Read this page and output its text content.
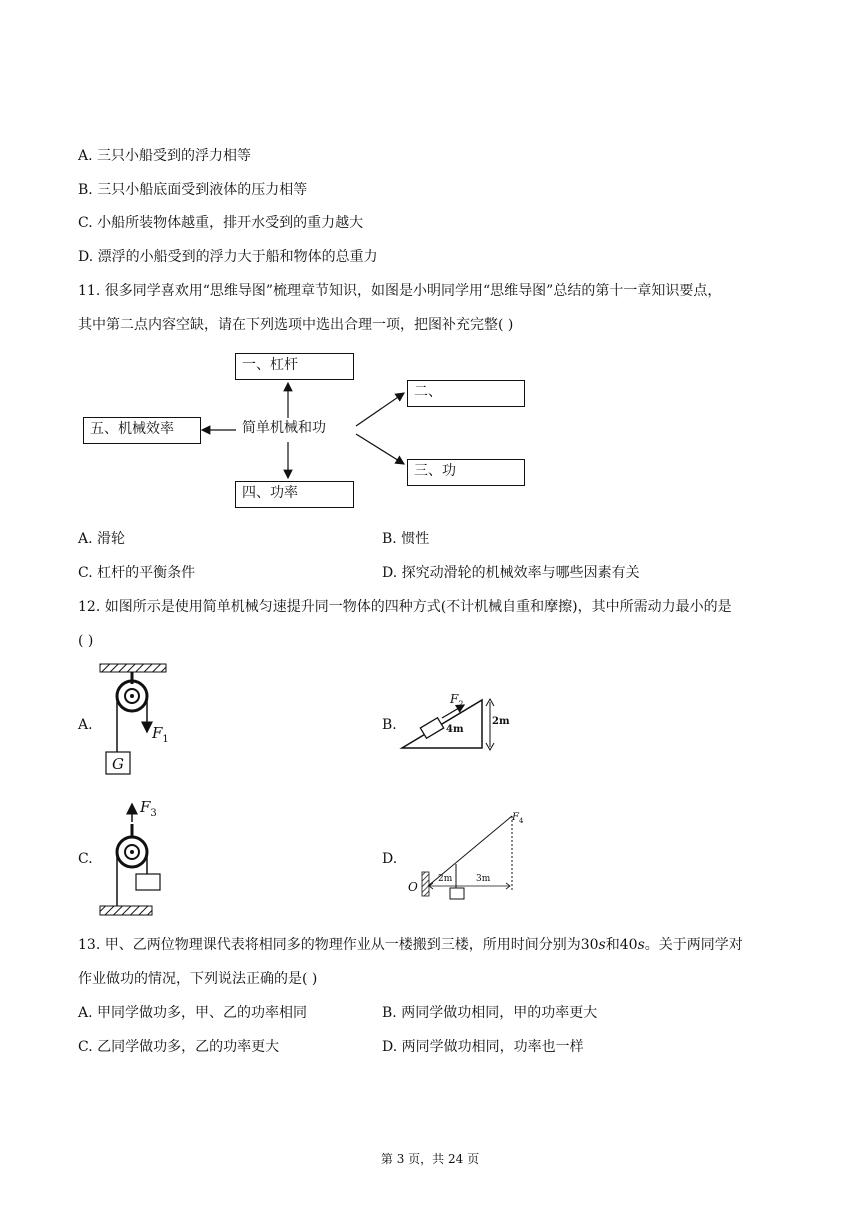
A. 三只小船受到的浮力相等
B. 三只小船底面受到液体的压力相等
C. 小船所装物体越重，排开水受到的重力越大
D. 漂浮的小船受到的浮力大于船和物体的总重力
11. 很多同学喜欢用“思维导图”梳理章节知识，如图是小明同学用“思维导图”总结的第十一章知识要点，
其中第二点内容空缺，请在下列选项中选出合理一项，把图补充完整( )
一、杠杆
二、
五、机械效率	简单机械和功
三、功
四、功率
A. 滑轮	B. 惯性
C. 杠杆的平衡条件	D. 探究动滑轮的机械效率与哪些因素有关
12. 如图所示是使用简单机械匀速提升同一物体的四种方式(不计机械自重和摩擦)，其中所需动力最小的是
( )
A.	$F_1$
G
B.
$F_2$
4m
2m
C.
$F_3$
D.
$F_4$
O
2m	3m
13. 甲、乙两位物理课代表将相同多的物理作业从一楼搬到三楼，所用时间分别为30s和40s。关于两同学对
作业做功的情况，下列说法正确的是( )
A. 甲同学做功多，甲、乙的功率相同	B. 两同学做功相同，甲的功率更大
C. 乙同学做功多，乙的功率更大	D. 两同学做功相同，功率也一样
第 3 页，共 24 页
